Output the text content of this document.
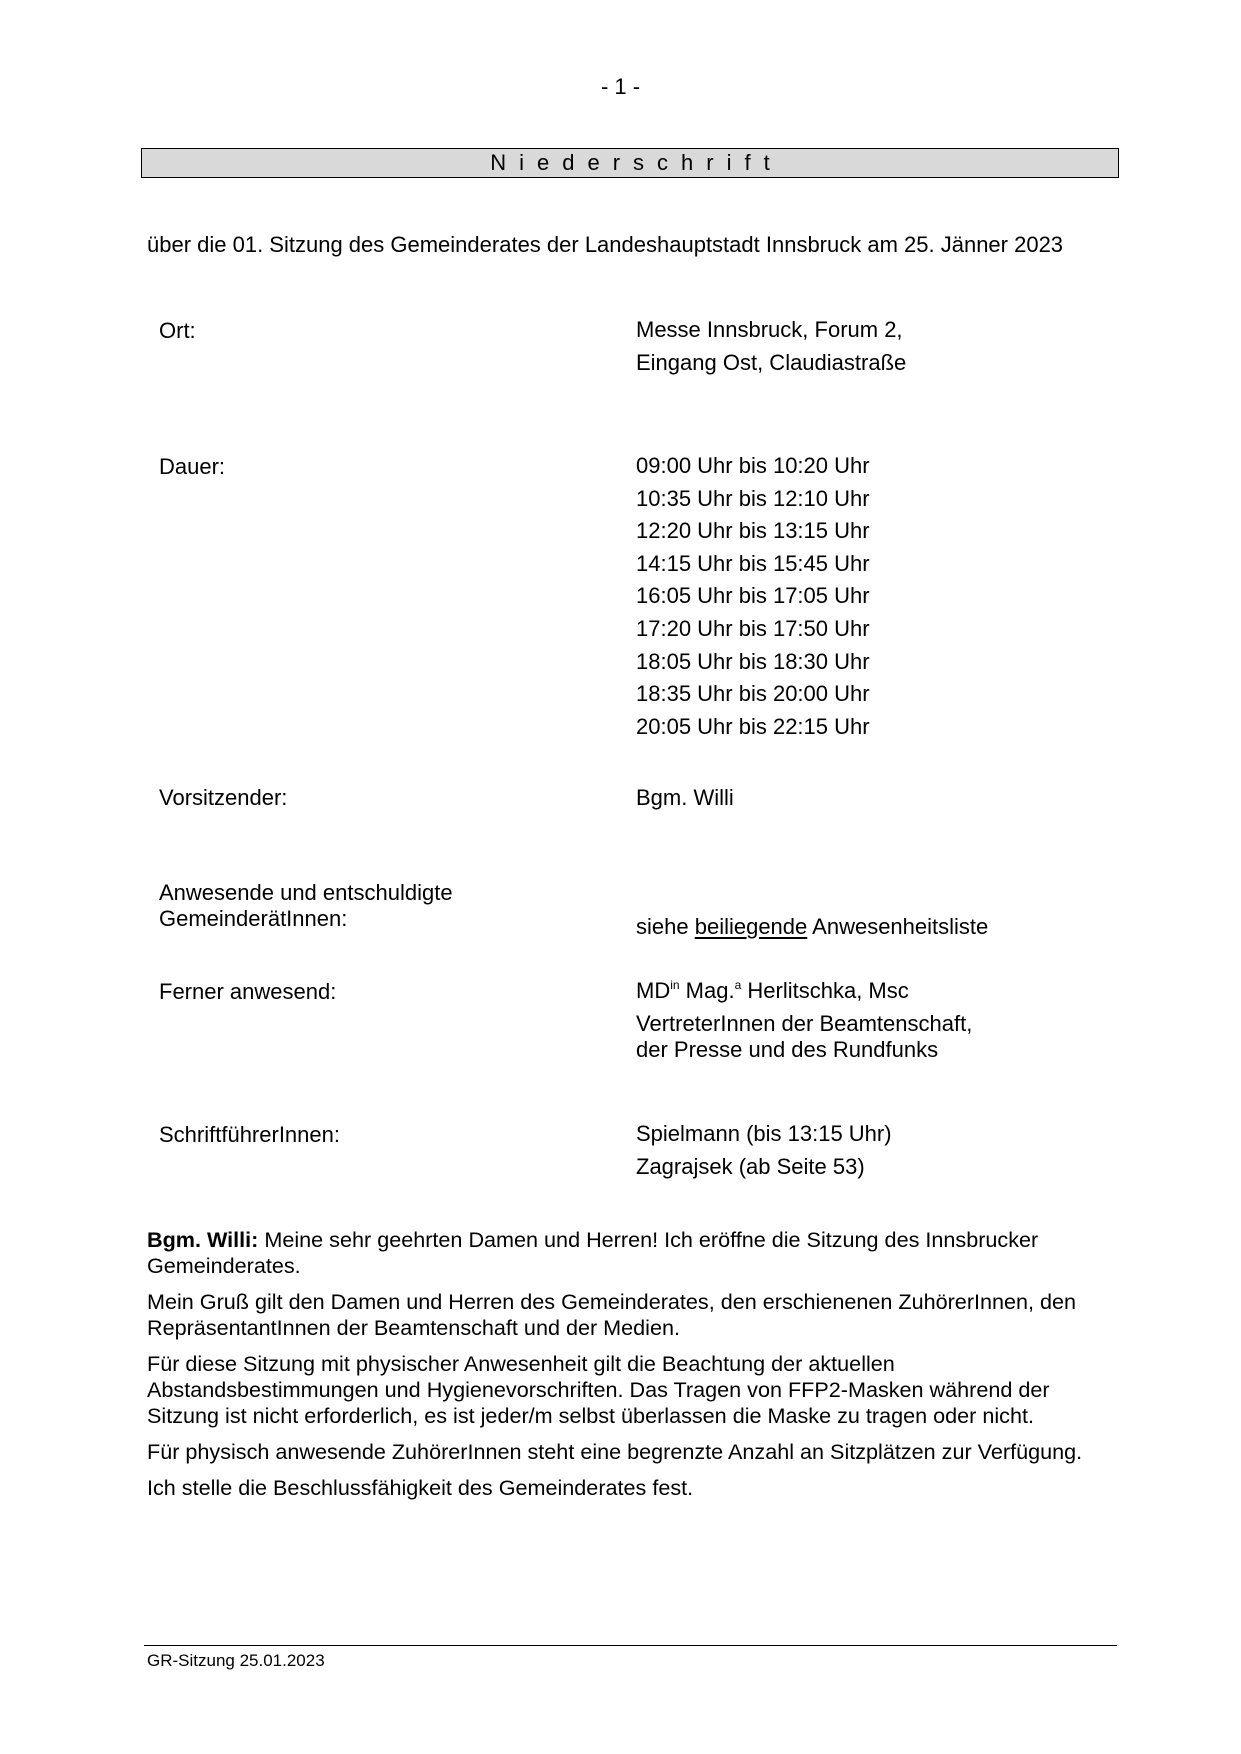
- 1 -
Niederschrift
über die 01. Sitzung des Gemeinderates der Landeshauptstadt Innsbruck am 25. Jänner 2023
Ort:	Messe Innsbruck, Forum 2,
Eingang Ost, Claudiastraße
Dauer:	09:00 Uhr bis 10:20 Uhr
10:35 Uhr bis 12:10 Uhr
12:20 Uhr bis 13:15 Uhr
14:15 Uhr bis 15:45 Uhr
16:05 Uhr bis 17:05 Uhr
17:20 Uhr bis 17:50 Uhr
18:05 Uhr bis 18:30 Uhr
18:35 Uhr bis 20:00 Uhr
20:05 Uhr bis 22:15 Uhr
Vorsitzender:	Bgm. Willi
Anwesende und entschuldigte
GemeinderätInnen:	siehe beiliegende Anwesenheitsliste
Ferner anwesend:	$MD^{in}$ Mag.$^a$ Herlitschka, Msc
VertreterInnen der Beamtenschaft,
der Presse und des Rundfunks
SchriftführerInnen:	Spielmann (bis 13:15 Uhr)
Zagrajsek (ab Seite 53)

Bgm. Willi: Meine sehr geehrten Damen und Herren! Ich eröffne die Sitzung des Innsbrucker Gemeinderates.

Mein Gruß gilt den Damen und Herren des Gemeinderates, den erschienenen ZuhörerInnen, den RepräsentantInnen der Beamtenschaft und der Medien.

Für diese Sitzung mit physischer Anwesenheit gilt die Beachtung der aktuellen Abstandsbestimmungen und Hygienevorschriften. Das Tragen von FFP2-Masken während der Sitzung ist nicht erforderlich, es ist jeder/m selbst überlassen die Maske zu tragen oder nicht.

Für physisch anwesende ZuhörerInnen steht eine begrenzte Anzahl an Sitzplätzen zur Verfügung.

Ich stelle die Beschlussfähigkeit des Gemeinderates fest.

GR-Sitzung 25.01.2023
